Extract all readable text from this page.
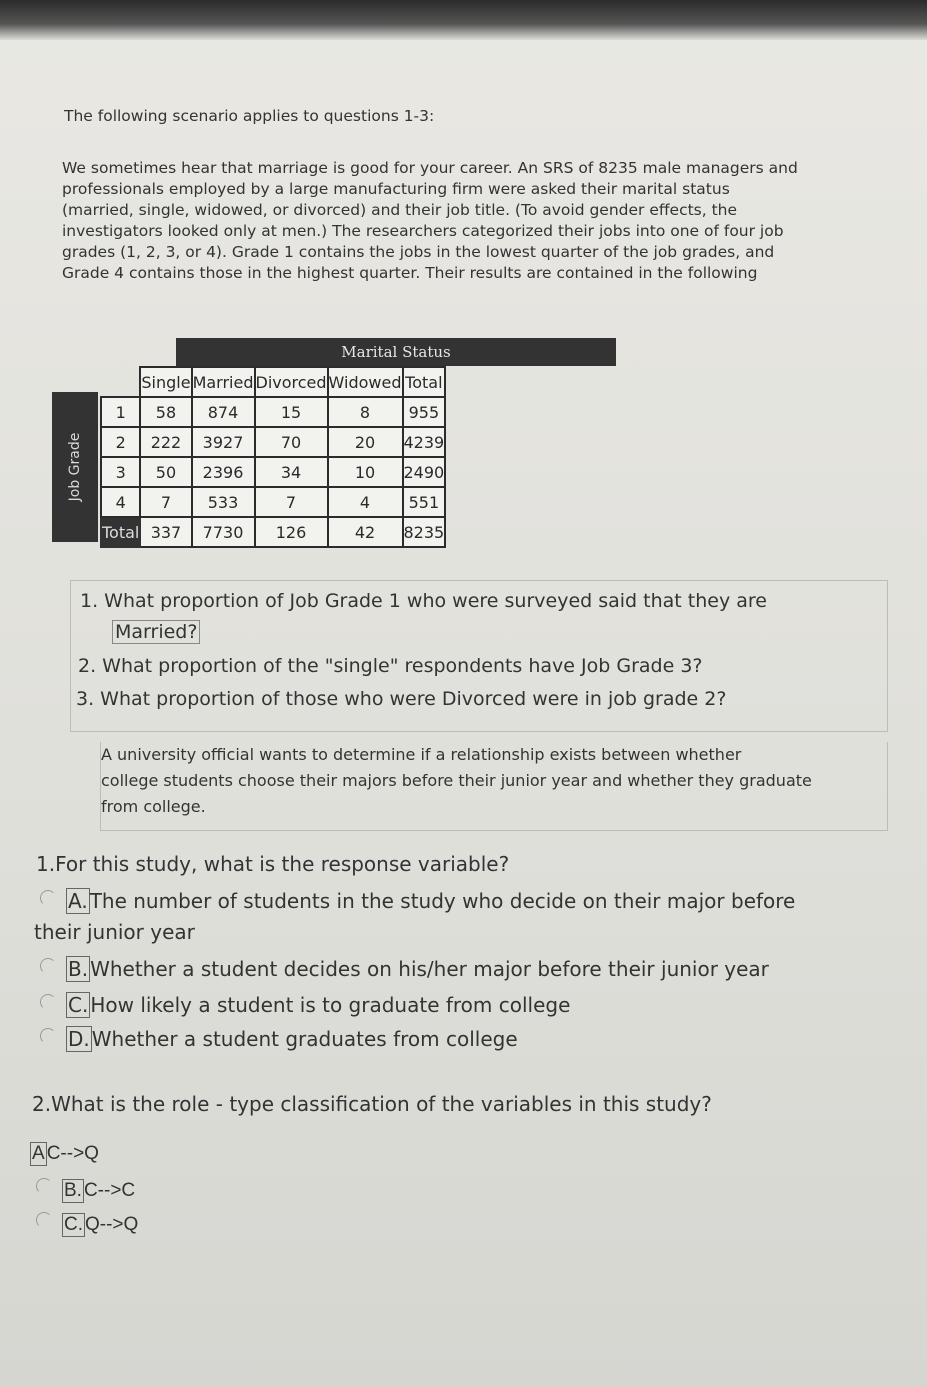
The following scenario applies to questions 1-3:

We sometimes hear that marriage is good for your career. An SRS of 8235 male managers and

professionals employed by a large manufacturing firm were asked their marital status

(married, single, widowed, or divorced) and their job title. (To avoid gender effects, the

investigators looked only at men.) The researchers categorized their jobs into one of four job

grades (1, 2, 3, or 4). Grade 1 contains the jobs in the lowest quarter of the job grades, and

Grade 4 contains those in the highest quarter. Their results are contained in the following

Marital Status
Job Grade
	Single	Married	Divorced	Widowed	Total
1	58	874	15	8	955
2	222	3927	70	20	4239
3	50	2396	34	10	2490
4	7	533	7	4	551
Total	337	7730	126	42	8235
1. What proportion of Job Grade 1 who were surveyed said that they are
Married?
2. What proportion of the "single" respondents have Job Grade 3?
3. What proportion of those who were Divorced were in job grade 2?

A university official wants to determine if a relationship exists between whether

college students choose their majors before their junior year and whether they graduate

from college.

1.For this study, what is the response variable?
A. The number of students in the study who decide on their major before
their junior year
B. Whether a student decides on his/her major before their junior year
C. How likely a student is to graduate from college
D. Whether a student graduates from college
2.What is the role - type classification of the variables in this study?
A C-->Q
B. C-->C
C. Q-->Q
